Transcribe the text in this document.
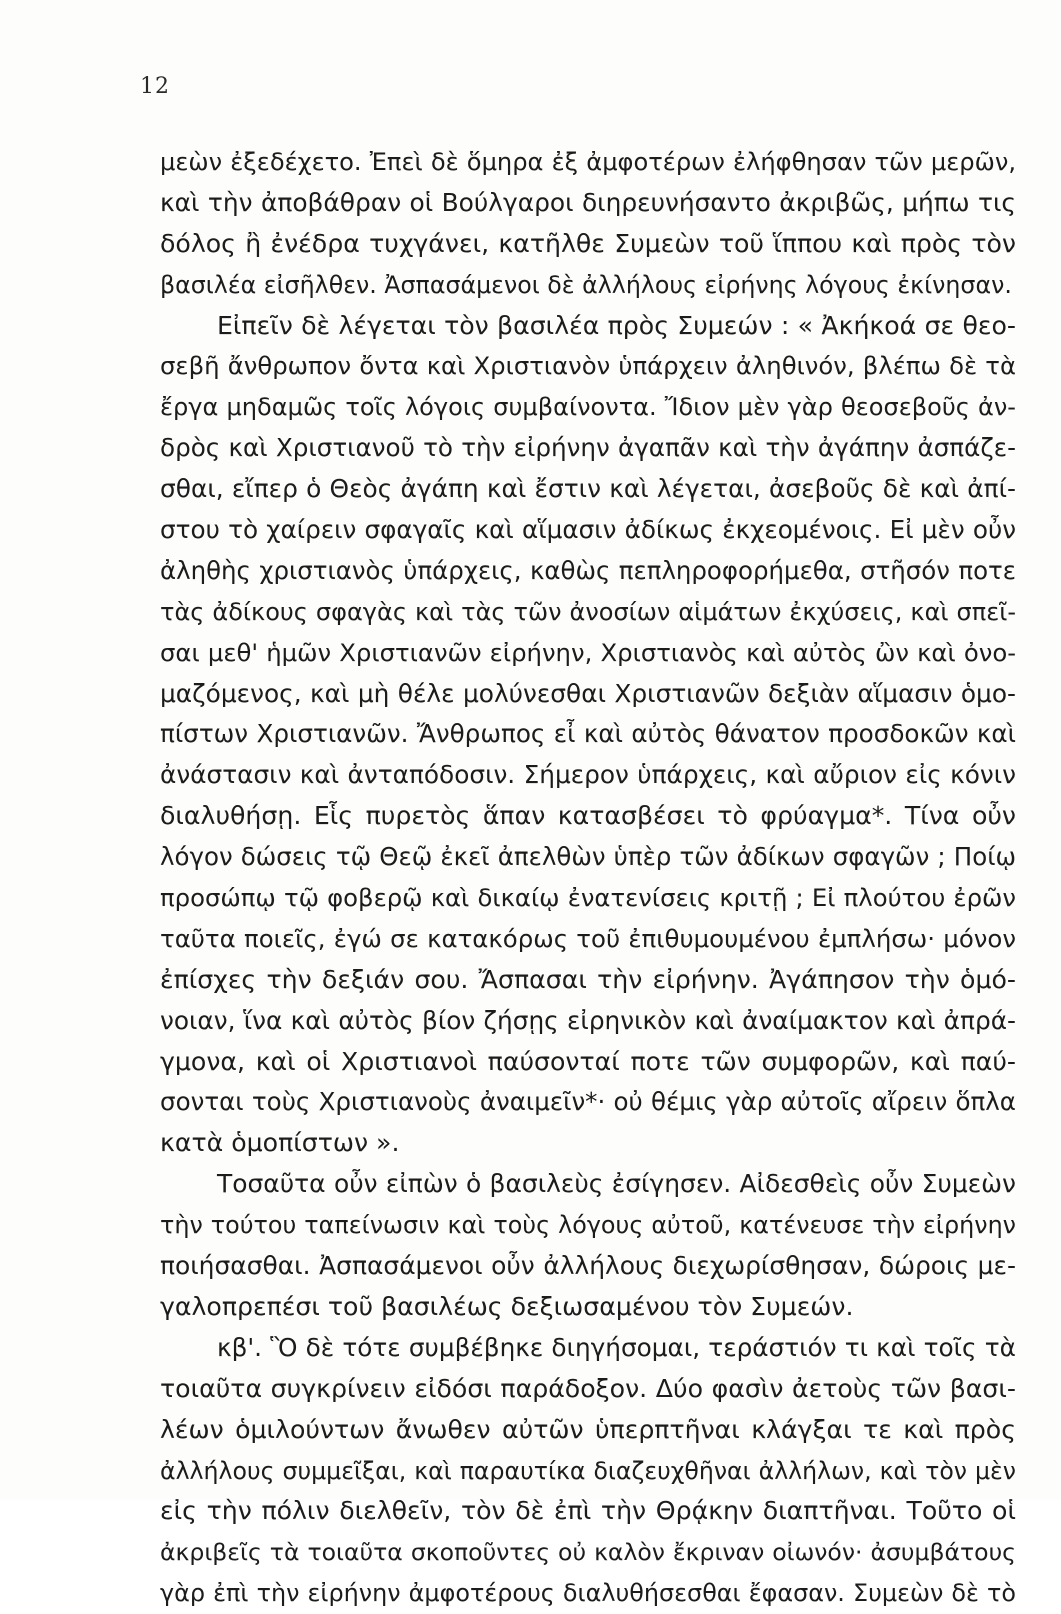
12
μεὼν ἐξεδέχετο. Ἐπεὶ δὲ ὅμηρα ἐξ ἀμφοτέρων ἐλήφθησαν τῶν μερῶν,
καὶ τὴν ἀποβάθραν οἱ Βούλγαροι διηρευνήσαντο ἀκριβῶς, μήπω τις
δόλος ἢ ἐνέδρα τυχγάνει, κατῆλθε Συμεὼν τοῦ ἵππου καὶ πρὸς τὸν
βασιλέα εἰσῆλθεν. Ἀσπασάμενοι δὲ ἀλλήλους εἰρήνης λόγους ἐκίνησαν.
Εἰπεῖν δὲ λέγεται τὸν βασιλέα πρὸς Συμεών : « Ἀκήκοά σε θεο-
σεβῆ ἄνθρωπον ὄντα καὶ Χριστιανὸν ὑπάρχειν ἀληθινόν, βλέπω δὲ τὰ
ἔργα μηδαμῶς τοῖς λόγοις συμβαίνοντα. Ἴδιον μὲν γὰρ θεοσεβοῦς ἀν-
δρὸς καὶ Χριστιανοῦ τὸ τὴν εἰρήνην ἀγαπᾶν καὶ τὴν ἀγάπην ἀσπάζε-
σθαι, εἴπερ ὁ Θεὸς ἀγάπη καὶ ἔστιν καὶ λέγεται, ἀσεβοῦς δὲ καὶ ἀπί-
στου τὸ χαίρειν σφαγαῖς καὶ αἵμασιν ἀδίκως ἐκχεομένοις. Εἰ μὲν οὖν
ἀληθὴς χριστιανὸς ὑπάρχεις, καθὼς πεπληροφορήμεθα, στῆσόν ποτε
τὰς ἀδίκους σφαγὰς καὶ τὰς τῶν ἀνοσίων αἱμάτων ἐκχύσεις, καὶ σπεῖ-
σαι μεθ' ἡμῶν Χριστιανῶν εἰρήνην, Χριστιανὸς καὶ αὐτὸς ὢν καὶ ὀνο-
μαζόμενος, καὶ μὴ θέλε μολύνεσθαι Χριστιανῶν δεξιὰν αἵμασιν ὁμο-
πίστων Χριστιανῶν. Ἄνθρωπος εἶ καὶ αὐτὸς θάνατον προσδοκῶν καὶ
ἀνάστασιν καὶ ἀνταπόδοσιν. Σήμερον ὑπάρχεις, καὶ αὔριον εἰς κόνιν
διαλυθήσῃ. Εἷς πυρετὸς ἅπαν κατασβέσει τὸ φρύαγμα*. Τίνα οὖν
λόγον δώσεις τῷ Θεῷ ἐκεῖ ἀπελθὼν ὑπὲρ τῶν ἀδίκων σφαγῶν ; Ποίῳ
προσώπῳ τῷ φοβερῷ καὶ δικαίῳ ἐνατενίσεις κριτῇ ; Εἰ πλούτου ἐρῶν
ταῦτα ποιεῖς, ἐγώ σε κατακόρως τοῦ ἐπιθυμουμένου ἐμπλήσω· μόνον
ἐπίσχες τὴν δεξιάν σου. Ἄσπασαι τὴν εἰρήνην. Ἀγάπησον τὴν ὁμό-
νοιαν, ἵνα καὶ αὐτὸς βίον ζήσῃς εἰρηνικὸν καὶ ἀναίμακτον καὶ ἀπρά-
γμονα, καὶ οἱ Χριστιανοὶ παύσονταί ποτε τῶν συμφορῶν, καὶ παύ-
σονται τοὺς Χριστιανοὺς ἀναιμεῖν*· οὐ θέμις γὰρ αὐτοῖς αἴρειν ὅπλα
κατὰ ὁμοπίστων ».
Τοσαῦτα οὖν εἰπὼν ὁ βασιλεὺς ἐσίγησεν. Αἰδεσθεὶς οὖν Συμεὼν
τὴν τούτου ταπείνωσιν καὶ τοὺς λόγους αὐτοῦ, κατένευσε τὴν εἰρήνην
ποιήσασθαι. Ἀσπασάμενοι οὖν ἀλλήλους διεχωρίσθησαν, δώροις με-
γαλοπρεπέσι τοῦ βασιλέως δεξιωσαμένου τὸν Συμεών.
κβ'. Ὃ δὲ τότε συμβέβηκε διηγήσομαι, τεράστιόν τι καὶ τοῖς τὰ
τοιαῦτα συγκρίνειν εἰδόσι παράδοξον. Δύο φασὶν ἀετοὺς τῶν βασι-
λέων ὁμιλούντων ἄνωθεν αὐτῶν ὑπερπτῆναι κλάγξαι τε καὶ πρὸς
ἀλλήλους συμμεῖξαι, καὶ παραυτίκα διαζευχθῆναι ἀλλήλων, καὶ τὸν μὲν
εἰς τὴν πόλιν διελθεῖν, τὸν δὲ ἐπὶ τὴν Θρᾴκην διαπτῆναι. Τοῦτο οἱ
ἀκριβεῖς τὰ τοιαῦτα σκοποῦντες οὐ καλὸν ἔκριναν οἰωνόν· ἀσυμβάτους
γὰρ ἐπὶ τὴν εἰρήνην ἀμφοτέρους διαλυθήσεσθαι ἔφασαν. Συμεὼν δὲ τὸ
